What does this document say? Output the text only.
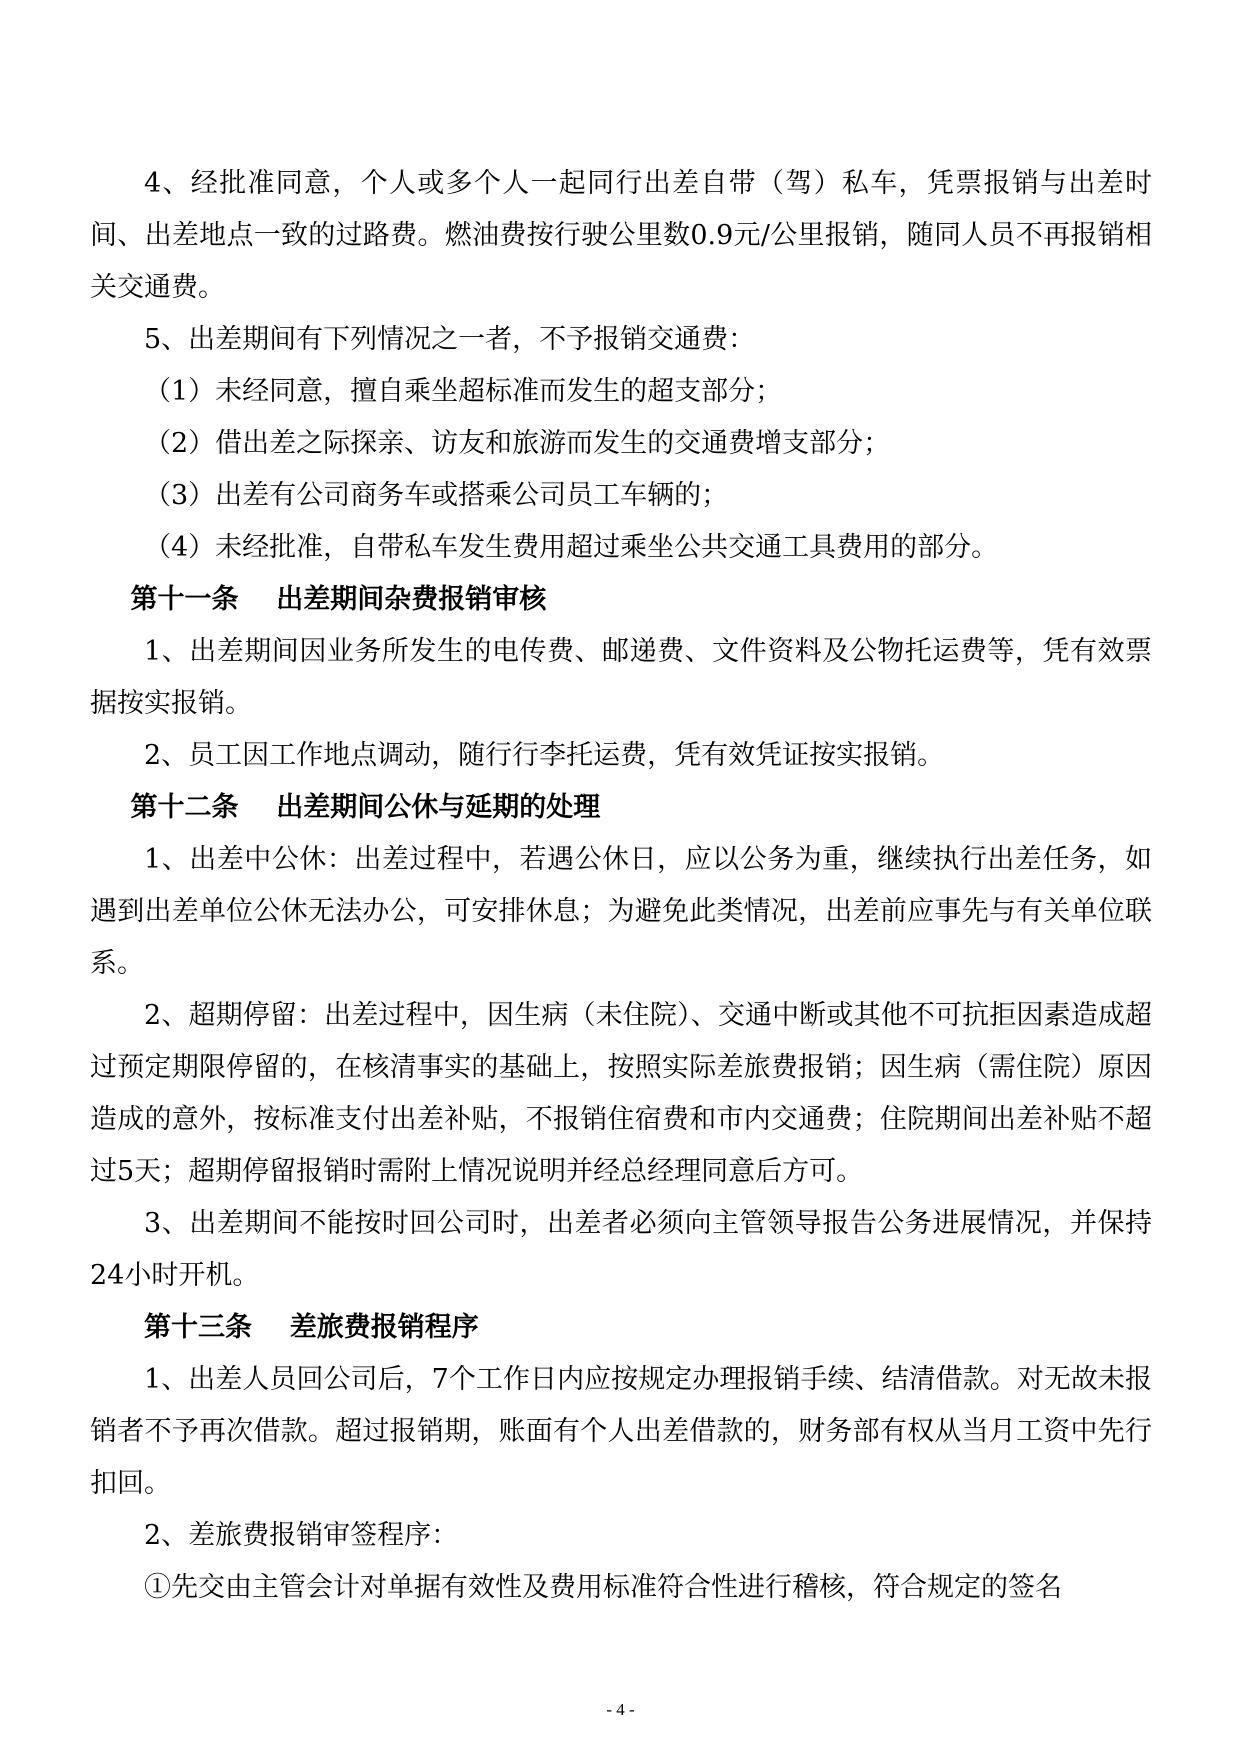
4、经批准同意，个人或多个人一起同行出差自带（驾）私车，凭票报销与出差时间、出差地点一致的过路费。燃油费按行驶公里数0.9元/公里报销，随同人员不再报销相关交通费。

5、出差期间有下列情况之一者，不予报销交通费：

（1）未经同意，擅自乘坐超标准而发生的超支部分；

（2）借出差之际探亲、访友和旅游而发生的交通费增支部分；

（3）出差有公司商务车或搭乘公司员工车辆的；

（4）未经批准，自带私车发生费用超过乘坐公共交通工具费用的部分。

第十一条 出差期间杂费报销审核

1、出差期间因业务所发生的电传费、邮递费、文件资料及公物托运费等，凭有效票据按实报销。

2、员工因工作地点调动，随行行李托运费，凭有效凭证按实报销。

第十二条 出差期间公休与延期的处理

1、出差中公休：出差过程中，若遇公休日，应以公务为重，继续执行出差任务，如遇到出差单位公休无法办公，可安排休息；为避免此类情况，出差前应事先与有关单位联系。

2、超期停留：出差过程中，因生病（未住院）、交通中断或其他不可抗拒因素造成超过预定期限停留的，在核清事实的基础上，按照实际差旅费报销；因生病（需住院）原因造成的意外，按标准支付出差补贴，不报销住宿费和市内交通费；住院期间出差补贴不超过5天；超期停留报销时需附上情况说明并经总经理同意后方可。

3、出差期间不能按时回公司时，出差者必须向主管领导报告公务进展情况，并保持24小时开机。

第十三条 差旅费报销程序

1、出差人员回公司后，7个工作日内应按规定办理报销手续、结清借款。对无故未报销者不予再次借款。超过报销期，账面有个人出差借款的，财务部有权从当月工资中先行扣回。

2、差旅费报销审签程序：

①先交由主管会计对单据有效性及费用标准符合性进行稽核，符合规定的签名

- 4 -
